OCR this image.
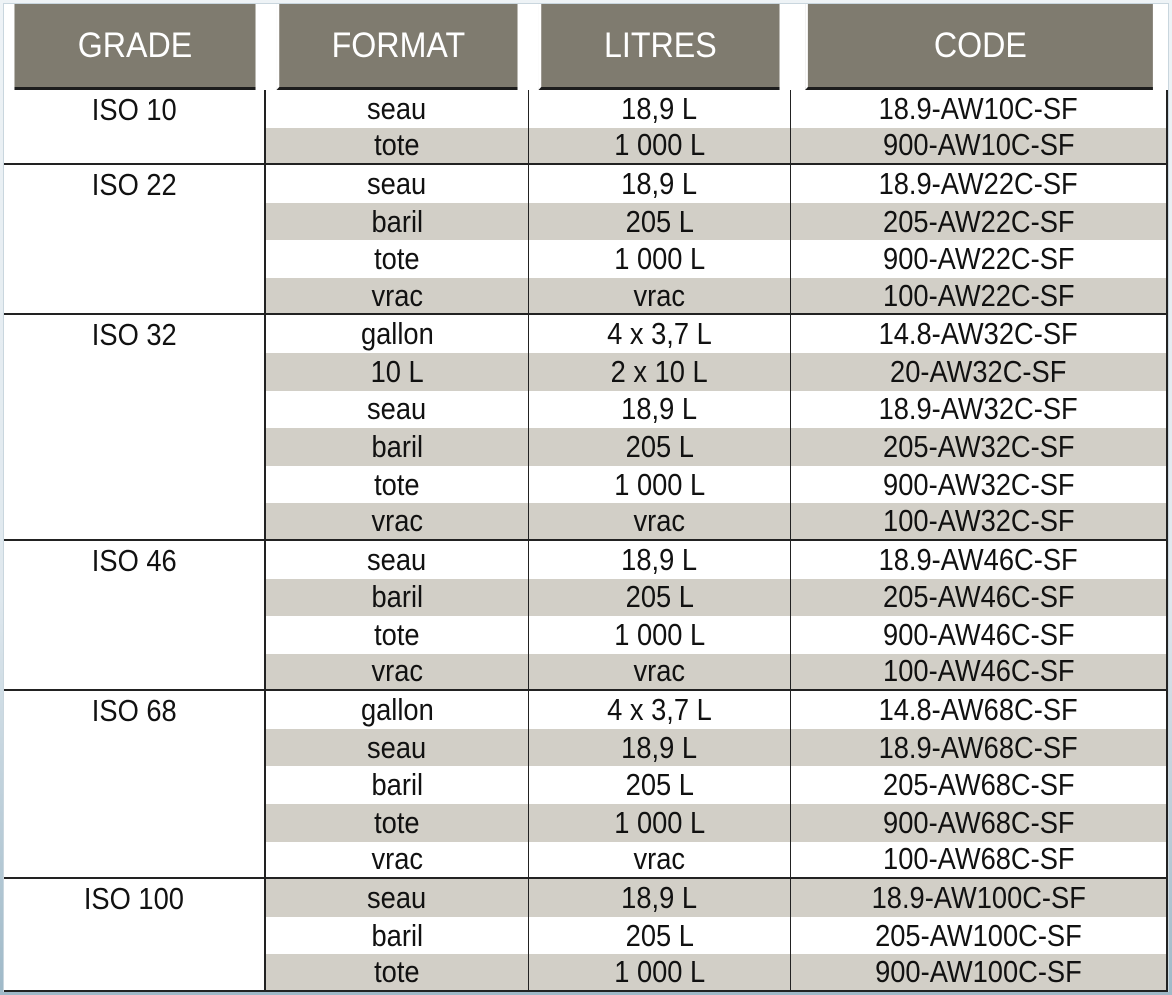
GRADE	FORMAT	LITRES	CODE
ISO 10	seau	18,9 L	18.9-AW10C-SF
tote	1 000 L	900-AW10C-SF
ISO 22	seau	18,9 L	18.9-AW22C-SF
baril	205 L	205-AW22C-SF
tote	1 000 L	900-AW22C-SF
vrac	vrac	100-AW22C-SF
ISO 32	gallon	4 x 3,7 L	14.8-AW32C-SF
10 L	2 x 10 L	20-AW32C-SF
seau	18,9 L	18.9-AW32C-SF
baril	205 L	205-AW32C-SF
tote	1 000 L	900-AW32C-SF
vrac	vrac	100-AW32C-SF
ISO 46	seau	18,9 L	18.9-AW46C-SF
baril	205 L	205-AW46C-SF
tote	1 000 L	900-AW46C-SF
vrac	vrac	100-AW46C-SF
ISO 68	gallon	4 x 3,7 L	14.8-AW68C-SF
seau	18,9 L	18.9-AW68C-SF
baril	205 L	205-AW68C-SF
tote	1 000 L	900-AW68C-SF
vrac	vrac	100-AW68C-SF
ISO 100	seau	18,9 L	18.9-AW100C-SF
baril	205 L	205-AW100C-SF
tote	1 000 L	900-AW100C-SF
